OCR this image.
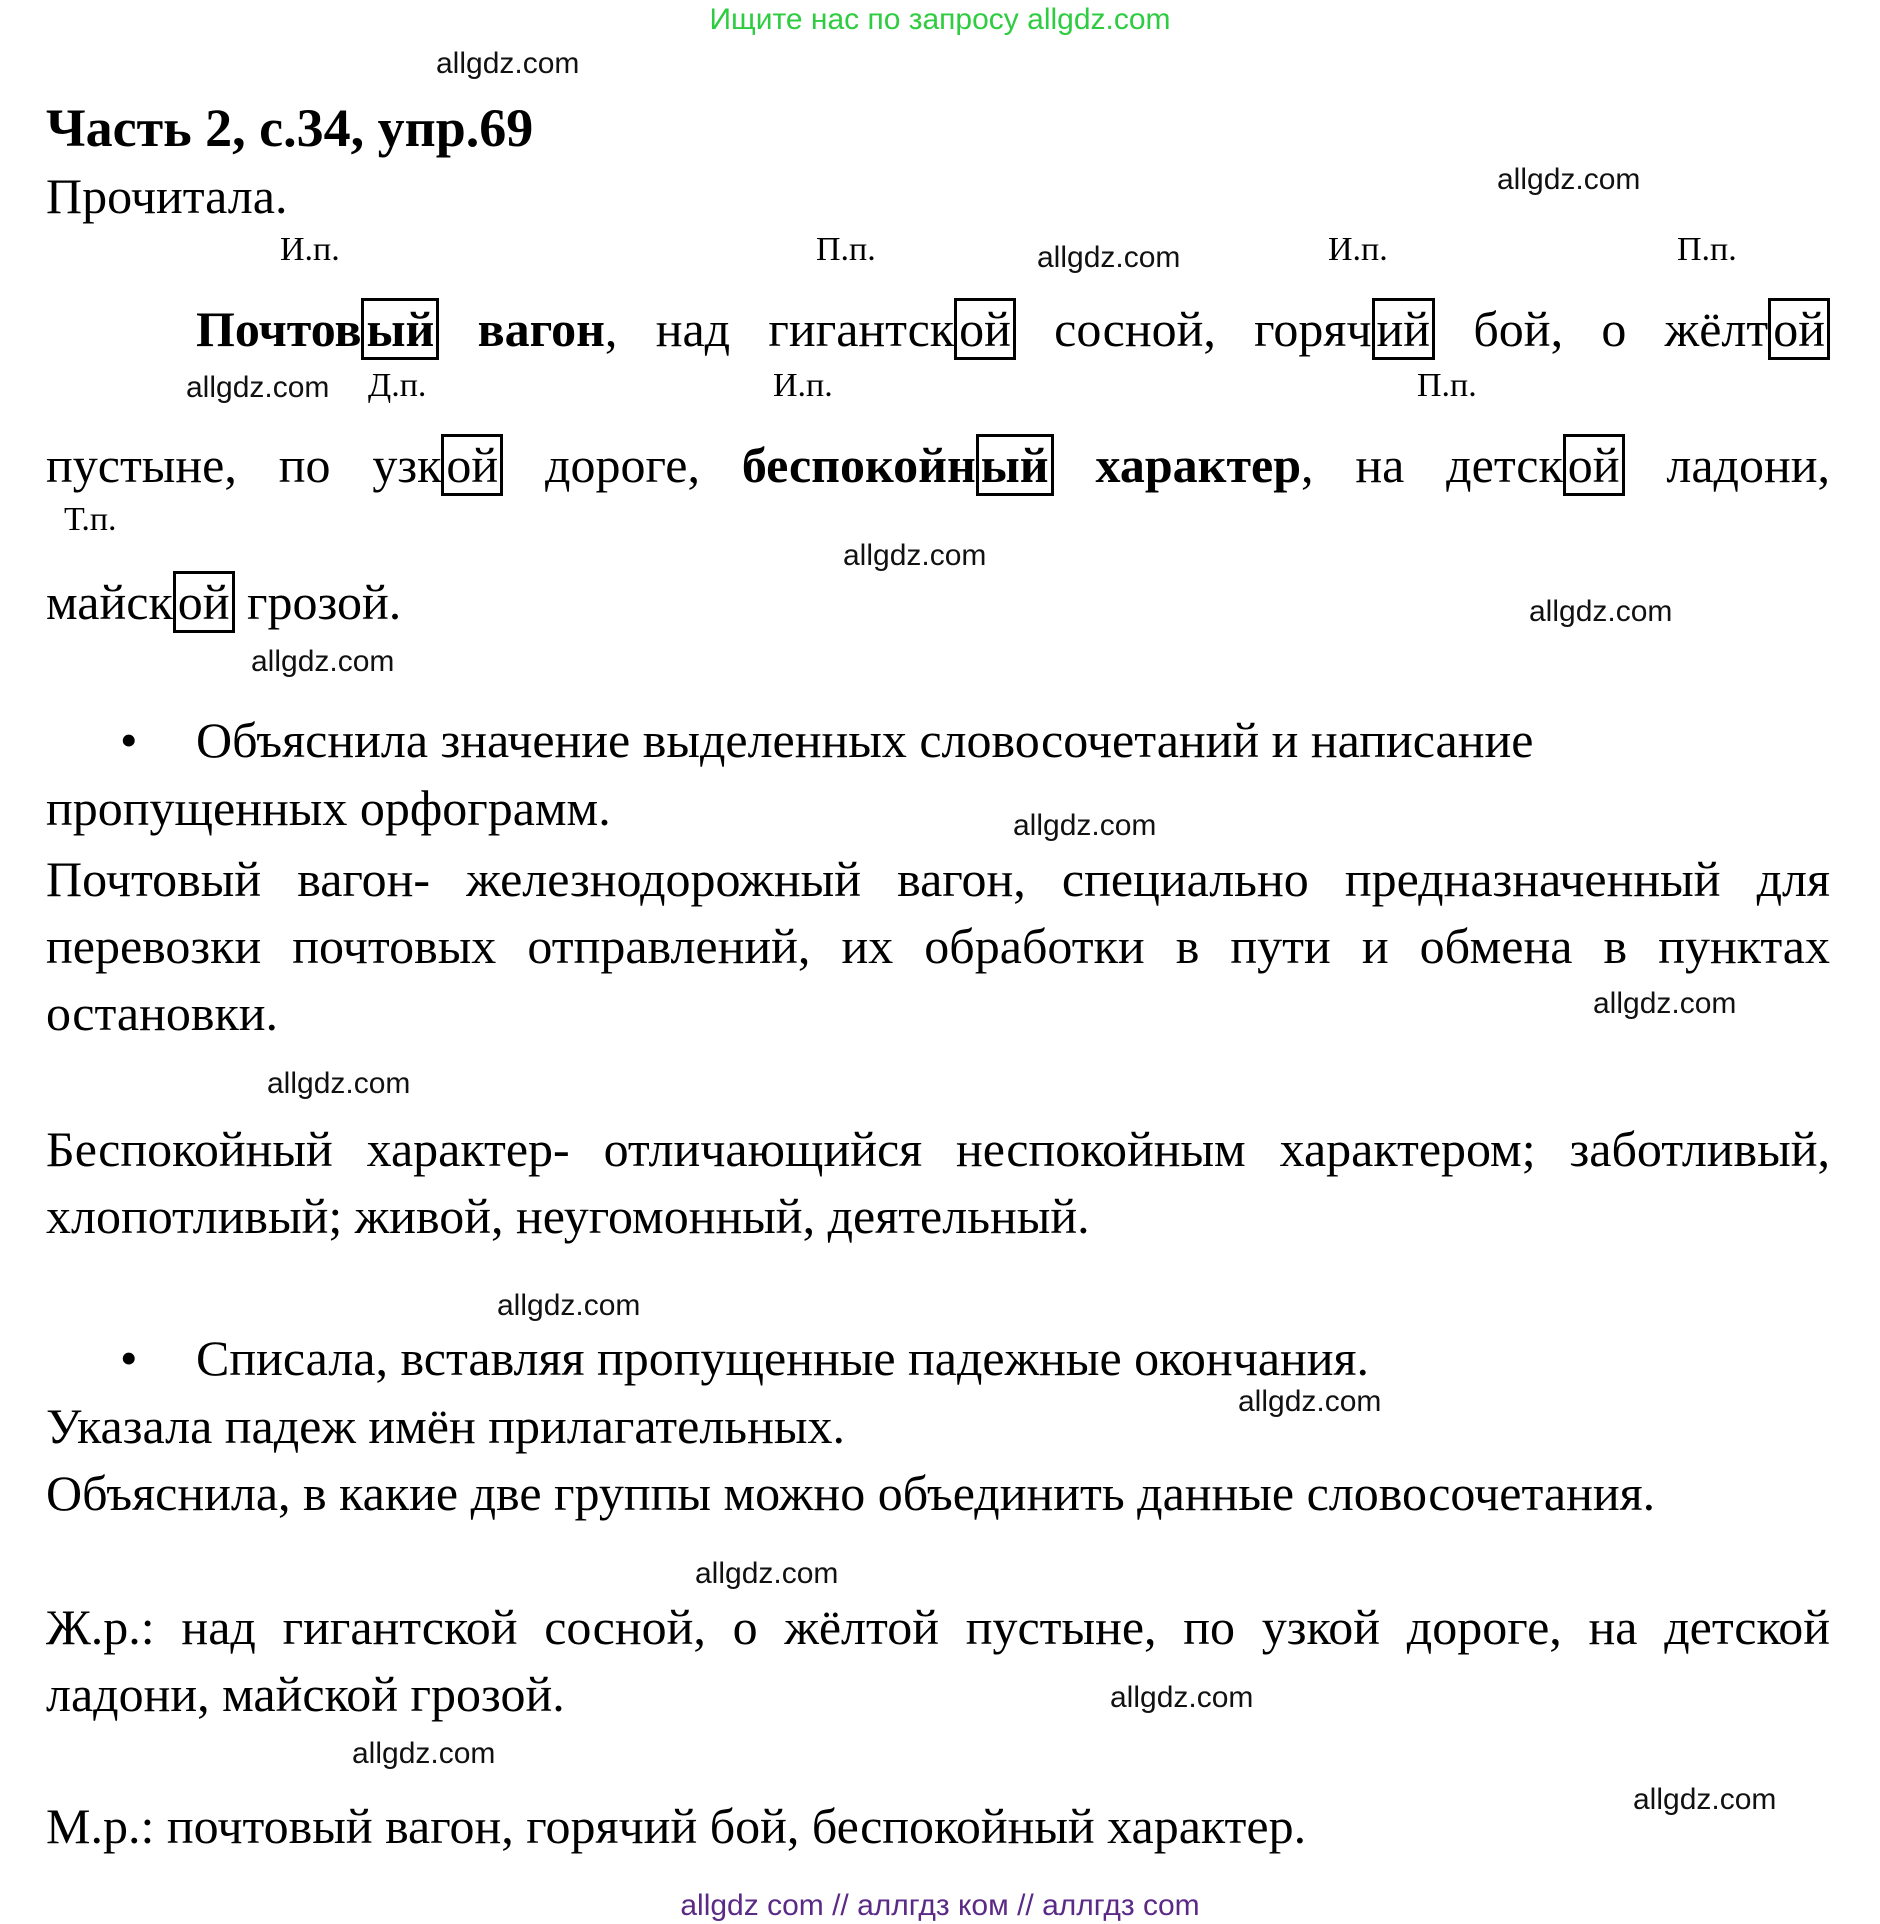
Ищите нас по запросу allgdz.com
allgdz.com
allgdz.com
allgdz.com
allgdz.com
allgdz.com
allgdz.com
allgdz.com
allgdz.com
allgdz.com
allgdz.com
allgdz.com
allgdz.com
allgdz.com
allgdz.com
allgdz.com
allgdz.com
Часть 2, с.34, упр.69
Прочитала.
И.п.	П.п.	И.п.	П.п.
Почтов ый вагон, над гигантск ой сосной, горяч ий бой, о жёлт ой
Д.п.	И.п.	П.п.
пустыне, по узк ой дороге, беспокойн ый характер, на детск ой ладони,
Т.п.
майск ой грозой.
• Объяснила значение выделенных словосочетаний и написание
пропущенных орфограмм.
Почтовый вагон- железнодорожный вагон, специально предназначенный для перевозки почтовых отправлений, их обработки в пути и обмена в пунктах остановки.
Беспокойный характер- отличающийся неспокойным характером; заботливый, хлопотливый; живой, неугомонный, деятельный.
• Списала, вставляя пропущенные падежные окончания.
Указала падеж имён прилагательных.
Объяснила, в какие две группы можно объединить данные словосочетания.
Ж.р.: над гигантской сосной, о жёлтой пустыне, по узкой дороге, на детской ладони, майской грозой.
М.р.: почтовый вагон, горячий бой, беспокойный характер.
allgdz com // аллгдз ком // аллгдз com
